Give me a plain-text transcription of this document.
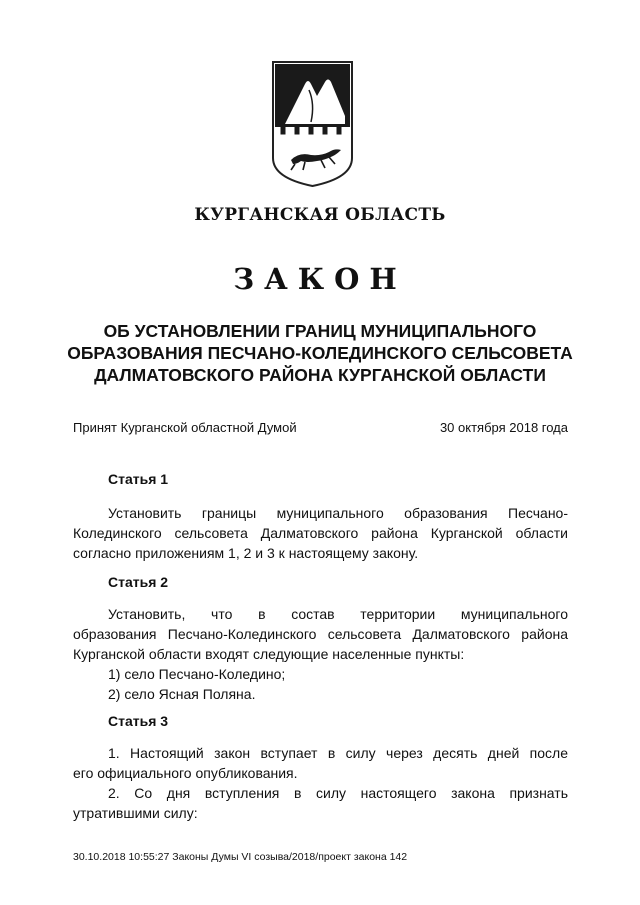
КУРГАНСКАЯ ОБЛАСТЬ
ЗАКОН
ОБ УСТАНОВЛЕНИИ ГРАНИЦ МУНИЦИПАЛЬНОГО
ОБРАЗОВАНИЯ ПЕСЧАНО-КОЛЕДИНСКОГО СЕЛЬСОВЕТА
ДАЛМАТОВСКОГО РАЙОНА КУРГАНСКОЙ ОБЛАСТИ
Принят Курганской областной Думой	30 октября 2018 года
Статья 1
Установить границы муниципального образования Песчано-
Колединского сельсовета Далматовского района Курганской области
согласно приложениям 1, 2 и 3 к настоящему закону.
Статья 2
Установить, что в состав территории муниципального
образования Песчано-Колединского сельсовета Далматовского района
Курганской области входят следующие населенные пункты:
1) село Песчано-Коледино;
2) село Ясная Поляна.
Статья 3
1. Настоящий закон вступает в силу через десять дней после
его официального опубликования.
2. Со дня вступления в силу настоящего закона признать
утратившими силу:
30.10.2018 10:55:27 Законы Думы VI созыва/2018/проект закона 142
